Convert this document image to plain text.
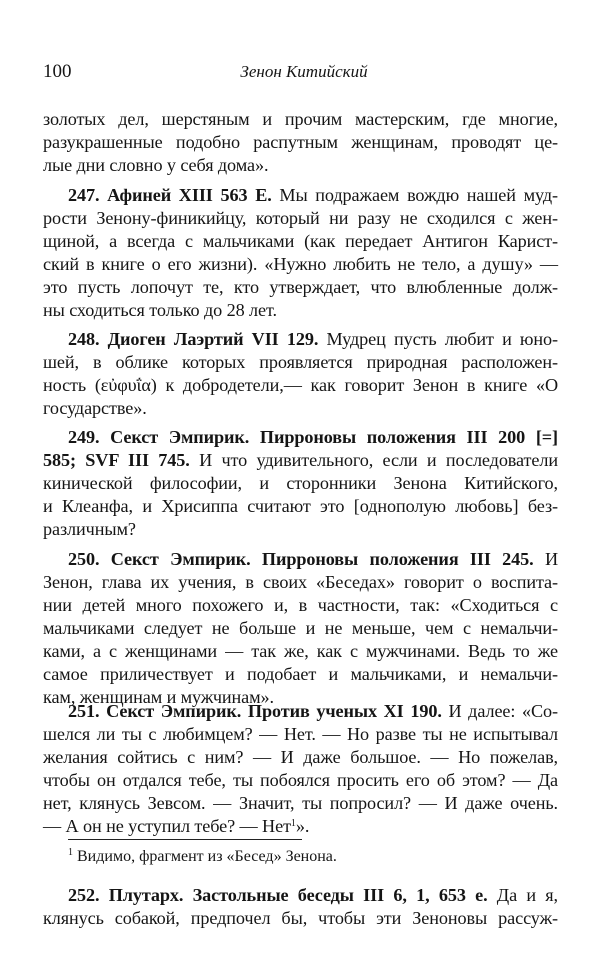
100	Зенон Китийский
золотых дел, шерстяным и прочим мастерским, где многие,
разукрашенные подобно распутным женщинам, проводят це-
лые дни словно у себя дома».
247. Афиней XIII 563 Е. Мы подражаем вождю нашей муд-
рости Зенону-финикийцу, который ни разу не сходился с жен-
щиной, а всегда с мальчиками (как передает Антигон Карист-
ский в книге о его жизни). «Нужно любить не тело, а душу» —
это пусть лопочут те, кто утверждает, что влюбленные долж-
ны сходиться только до 28 лет.
248. Диоген Лаэртий VII 129. Мудрец пусть любит и юно-
шей, в облике которых проявляется природная расположен-
ность (εὐφυΐα) к добродетели,— как говорит Зенон в книге «О
государстве».
249. Секст Эмпирик. Пирроновы положения III 200 [=]
585; SVF III 745. И что удивительного, если и последователи
кинической философии, и сторонники Зенона Китийского,
и Клеанфа, и Хрисиппа считают это [однополую любовь] без-
различным?
250. Секст Эмпирик. Пирроновы положения III 245. И
Зенон, глава их учения, в своих «Беседах» говорит о воспита-
нии детей много похожего и, в частности, так: «Сходиться с
мальчиками следует не больше и не меньше, чем с немальчи-
ками, а с женщинами — так же, как с мужчинами. Ведь то же
самое приличествует и подобает и мальчиками, и немальчи-
кам, женщинам и мужчинам».
251. Секст Эмпирик. Против ученых XI 190. И далее: «Со-
шелся ли ты с любимцем? — Нет. — Но разве ты не испытывал
желания сойтись с ним? — И даже большое. — Но пожелав,
чтобы он отдался тебе, ты побоялся просить его об этом? — Да
нет, клянусь Зевсом. — Значит, ты попросил? — И даже очень.
— А он не уступил тебе? — Нет$^1$».
$^1$ Видимо, фрагмент из «Бесед» Зенона.
252. Плутарх. Застольные беседы III 6, 1, 653 е. Да и я,
клянусь собакой, предпочел бы, чтобы эти Зеноновы рассуж-
